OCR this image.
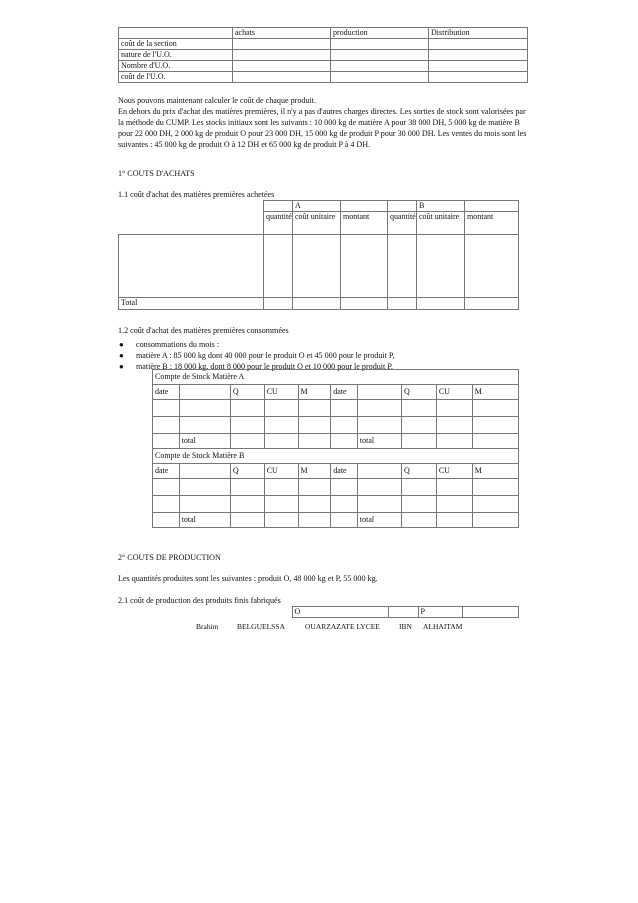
	achats	production	Distribution
coût de la section			
nature de l'U.O.			
Nombre d'U.O.			
coût de l'U.O.			

Nous pouvons maintenant calculer le coût de chaque produit.

En dehors du prix d'achat des matières premières, il n'y a pas d'autres charges directes. Les sorties de stock sont valorisées par la méthode du CUMP. Les stocks initiaux sont les suivants : 10 000 kg de matière A pour 38 000 DH, 5 000 kg de matière B pour 22 000 DH, 2 000 kg de produit O pour 23 000 DH, 15 000 kg de produit P pour 30 000 DH. Les ventes du mois sont les suivantes : 45 000 kg de produit O à 12 DH et 65 000 kg de produit P à 4 DH.

1° COUTS D'ACHATS
1.1 coût d'achat des matières premières achetées
		A			B	
	quantité	coût unitaire	montant	quantité	coût unitaire	montant

Total						
1.2 coût d'achat des matières premières consommées
● consommations du mois :
● matière A : 85 000 kg dont 40 000 pour le produit O et 45 000 pour le produit P,
● matière B : 18 000 kg, dont 8 000 pour le produit O et 10 000 pour le produit P.
Compte de Stock Matière A									
date		Q	CU	M	date		Q	CU	M

	total					total			
Compte de Stock Matière B									
date		Q	CU	M	date		Q	CU	M

	total					total			
2° COUTS DE PRODUCTION
Les quantités produites sont les suivantes : produit O, 48 000 kg et P, 55 000 kg.
2.1 coût de production des produits finis fabriqués
	O		P	
Brahim BELGUELSSA	OUARZAZATE LYCEE	IBN ALHAITAM
